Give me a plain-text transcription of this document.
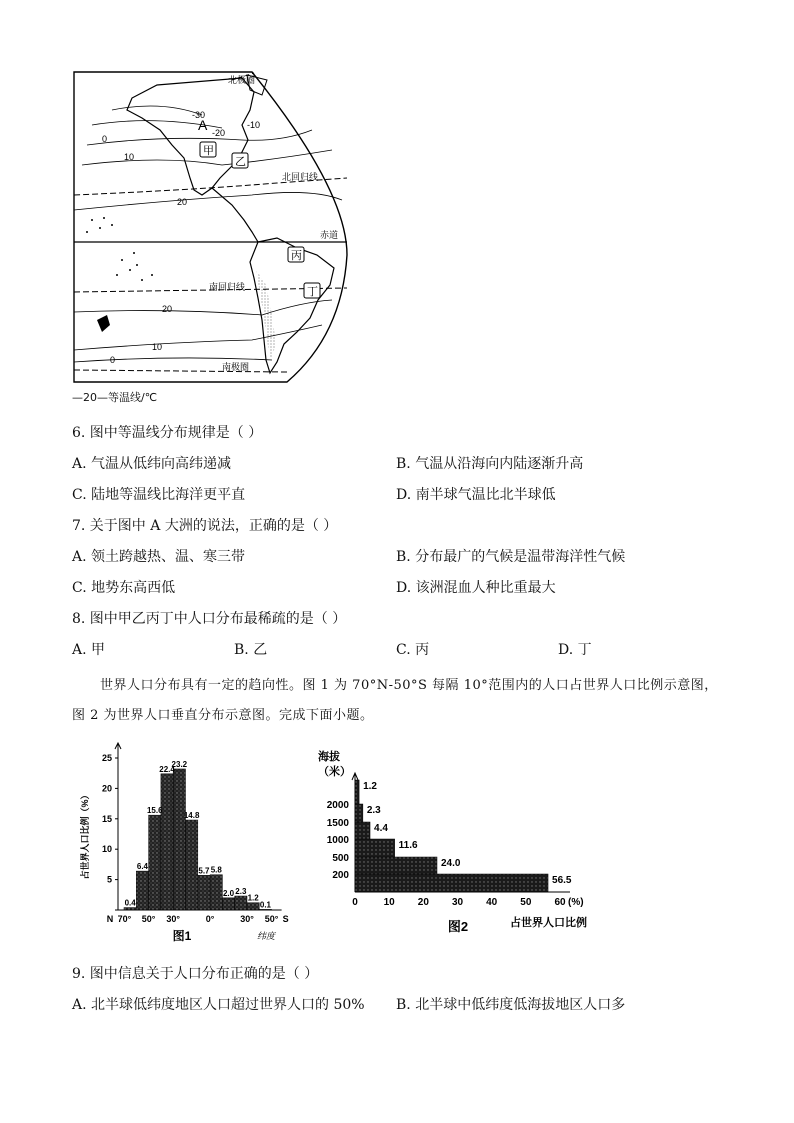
北极圈
北回归线
赤道
南回归线
南极圈
A
甲
乙
丙
丁
-30
-20
-10
0
10
20
20
10
0
—20—等温线/℃
6. 图中等温线分布规律是（ ）
A. 气温从低纬向高纬递减	B. 气温从沿海向内陆逐渐升高
C. 陆地等温线比海洋更平直	D. 南半球气温比北半球低
7. 关于图中 A 大洲的说法，正确的是（ ）
A. 领土跨越热、温、寒三带	B. 分布最广的气候是温带海洋性气候
C. 地势东高西低	D. 该洲混血人种比重最大
8. 图中甲乙丙丁中人口分布最稀疏的是（ ）
A. 甲	B. 乙	C. 丙	D. 丁
世界人口分布具有一定的趋向性。图 1 为 70°N-50°S 每隔 10°范围内的人口占世界人口比例示意图，
图 2 为世界人口垂直分布示意图。完成下面小题。
0.4
6.4
15.6
22.4
23.2
14.8
5.7 5.8
2.0 2.3
1.2
0.1
25
20
15
10
5
N 70° 50° 30°	0°	30° 50° S
占世界人口比例（%）
图1	纬度
56.5
24.0
11.6
4.4
2.3
1.2
2000
1500
1000
500
200
0	10 20 30 40 50 60 (%)
海拔
（米）
图2	占世界人口比例
9. 图中信息关于人口分布正确的是（ ）
A. 北半球低纬度地区人口超过世界人口的 50% B. 北半球中低纬度低海拔地区人口多
